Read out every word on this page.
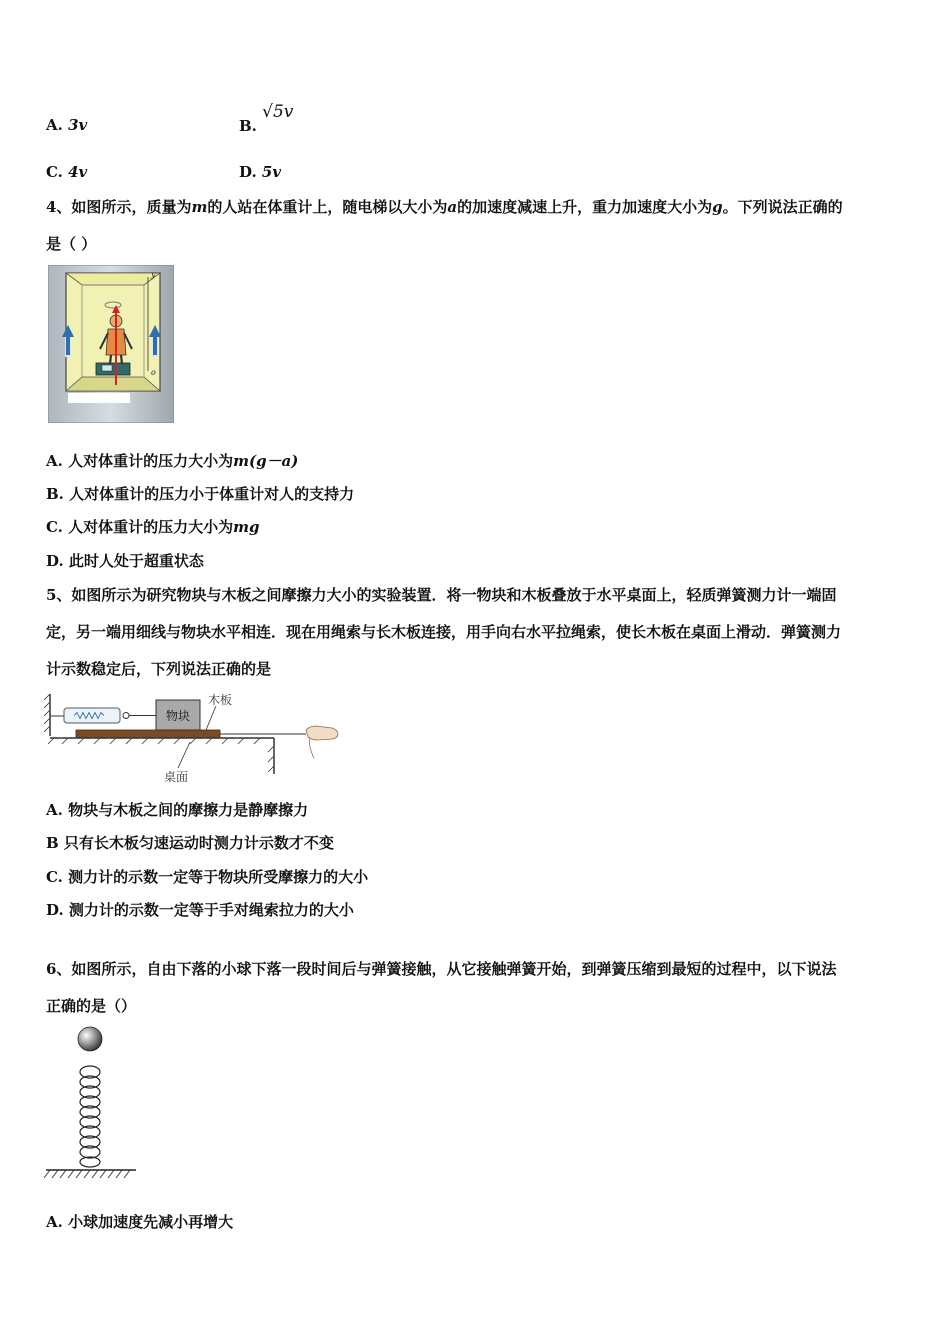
A. 3v	B. √5v
C. 4v	D. 5v
4、如图所示，质量为m的人站在体重计上，随电梯以大小为a的加速度减速上升，重力加速度大小为g。下列说法正确的
是（ ）
y
o
A. 人对体重计的压力大小为m(g－a)
B. 人对体重计的压力小于体重计对人的支持力
C. 人对体重计的压力大小为mg
D. 此时人处于超重状态
5、如图所示为研究物块与木板之间摩擦力大小的实验装置．将一物块和木板叠放于水平桌面上，轻质弹簧测力计一端固
定，另一端用细线与物块水平相连．现在用绳索与长木板连接，用手向右水平拉绳索，使长木板在桌面上滑动．弹簧测力
计示数稳定后，下列说法正确的是
物块
木板
桌面
A. 物块与木板之间的摩擦力是静摩擦力
B 只有长木板匀速运动时测力计示数才不变
C. 测力计的示数一定等于物块所受摩擦力的大小
D. 测力计的示数一定等于手对绳索拉力的大小
6、如图所示，自由下落的小球下落一段时间后与弹簧接触，从它接触弹簧开始，到弹簧压缩到最短的过程中，以下说法
正确的是（）
A. 小球加速度先减小再增大
